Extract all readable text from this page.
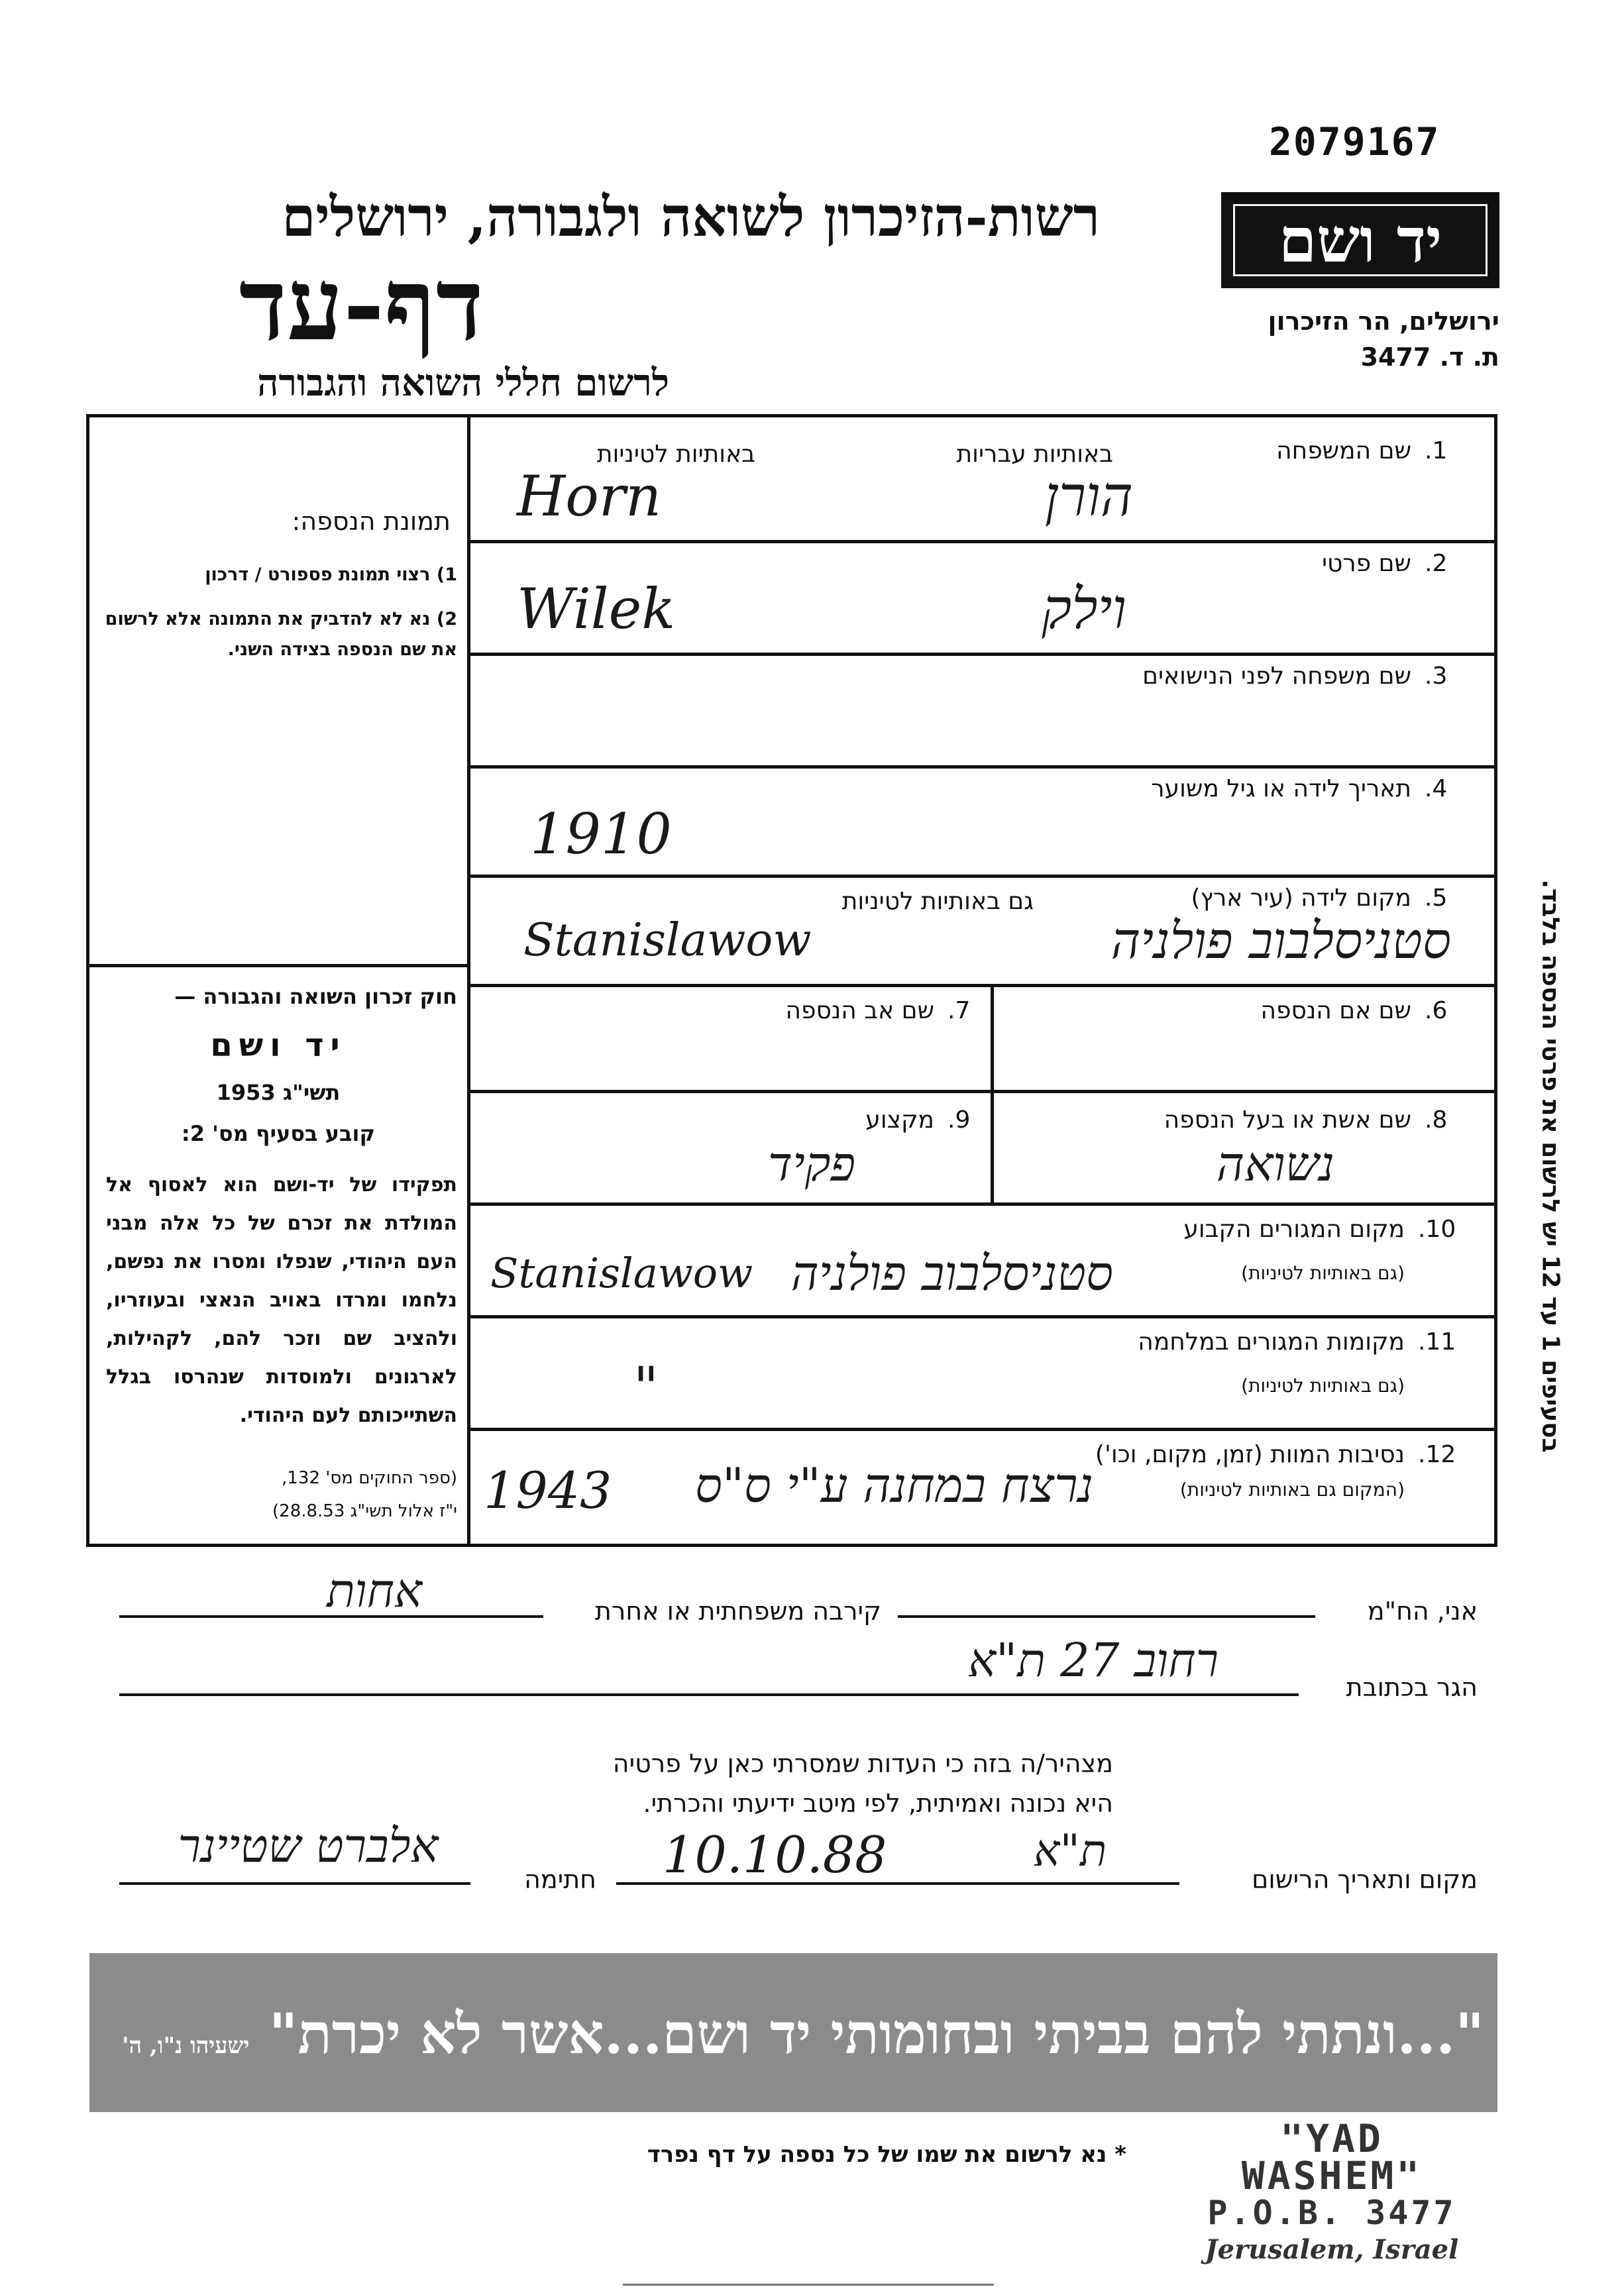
2079167
יד ושם
ירושלים, הר הזיכרון
ת. ד. 3477
רשות-הזיכרון לשואה ולגבורה, ירושלים
דף-עד
לרשום חללי השואה והגבורה
תמונת הנספה:
1) רצוי תמונת פספורט / דרכון
2) נא לא להדביק את התמונה אלא לרשום את שם הנספה בצידה השני.
חוק זכרון השואה והגבורה —
יד ושם
תשי"ג 1953
קובע בסעיף מס' 2:
תפקידו של יד-ושם הוא לאסוף אל המולדת את זכרם של כל אלה מבני העם היהודי, שנפלו ומסרו את נפשם, נלחמו ומרדו באויב הנאצי ובעוזריו, ולהציב שם וזכר להם, לקהילות, לארגונים ולמוסדות שנהרסו בגלל השתייכותם לעם היהודי.
(ספר החוקים מס' 132,
י"ז אלול תשי"ג 28.8.53)
1.
שם המשפחה
באותיות עבריות
באותיות לטיניות
הורן
Horn
2.
שם פרטי
וילק
Wilek
3.
שם משפחה לפני הנישואים
4.
תאריך לידה או גיל משוער
1910
5.
מקום לידה (עיר ארץ)
גם באותיות לטיניות
סטניסלבוב פולניה
Stanislawow
6.
שם אם הנספה
7.
שם אב הנספה
8.
שם אשת או בעל הנספה
נשואה
9.
מקצוע
פקיד
10.
מקום המגורים הקבוע
(גם באותיות לטיניות)
סטניסלבוב פולניה
Stanislawow
11.
מקומות המגורים במלחמה
(גם באותיות לטיניות)
"
12.
נסיבות המוות (זמן, מקום, וכו')
(המקום גם באותיות לטיניות)
נרצח במחנה ע"י ס"ס
1943
אני, הח"מ
קירבה משפחתית או אחרת
אחות
הגר בכתובת
רחוב 27 ת"א
מצהיר/ה בזה כי העדות שמסרתי כאן על פרטיה
היא נכונה ואמיתית, לפי מיטב ידיעתי והכרתי.
מקום ותאריך הרישום
ת"א
10.10.88
חתימה
אלברט שטיינר
"...ונתתי להם בביתי ובחומותי יד ושם...אשר לא יכרת" ישעיהו נ"ו, ה'
* נא לרשום את שמו של כל נספה על דף נפרד	"YAD WASHEM"
P.O.B. 3477
Jerusalem, Israel
בסעיפים 1 עד 12 יש לרשום את פרטי הנספה בלבד.
